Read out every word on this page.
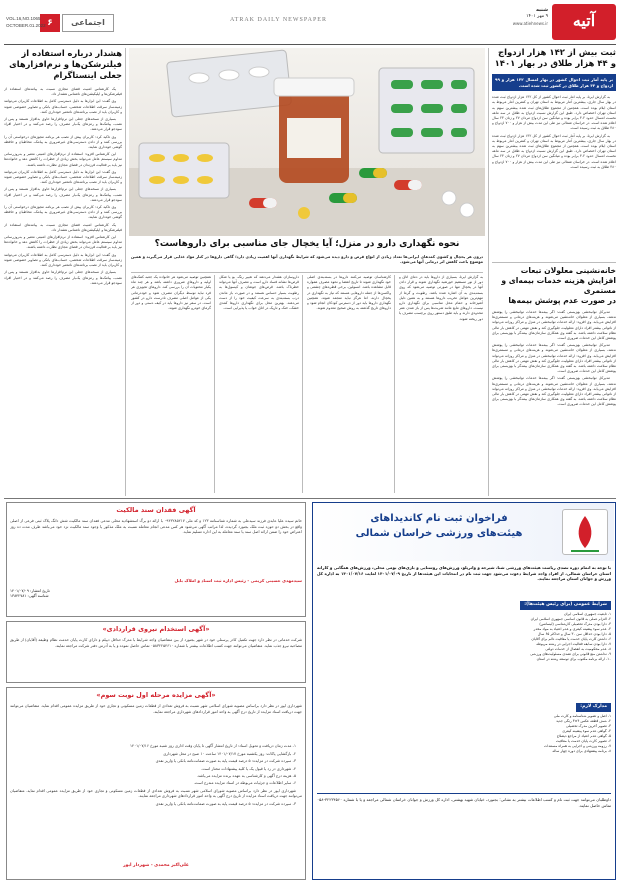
اجتماعی
۶
VOL.16,NO.1065
OCTOBER.01.2022
ATRAK DAILY NEWSPAPER	آتیه
شنبه
۹ مهر ۱۴۰۱
www.atiehnews.ir
هشدار درباره استفاده از
فیلترشکن‌ها و نرم‌افزارهای
جعلی اینستاگرام

یک کارشناس امنیت فضای مجازی نسبت به پیامدهای استفاده از فیلترشکن‌ها و اپلیکیشن‌های ناشناس هشدار داد.

وی گفت: این ابزارها به دلیل دسترسی کامل به اطلاعات کاربران می‌توانند زمینه‌ساز سرقت اطلاعات شخصی، حساب‌های بانکی و تصاویر خصوصی شوند و کاربران باید از نصب برنامه‌های نامعتبر خودداری کنند.

بسیاری از نسخه‌های جعلی این نرم‌افزارها حاوی بدافزار هستند و پس از نصب، پیامک‌ها و رمزهای یک‌بار مصرف را رصد می‌کنند و در اختیار افراد سودجو قرار می‌دهند.

وی تاکید کرد: کاربران پیش از نصب هر برنامه مجوزهای درخواستی آن را بررسی کنند و از دادن دسترسی‌های غیرضروری به پیامک، مخاطبان و حافظه گوشی خودداری نمایند.

این کارشناس افزود: استفاده از نرم‌افزارهای امنیتی معتبر و به‌روزرسانی مداوم سیستم عامل می‌تواند بخش زیادی از خطرات را کاهش دهد و خانواده‌ها نیز باید بر فعالیت فرزندان در فضای مجازی نظارت داشته باشند.

وی گفت: این ابزارها به دلیل دسترسی کامل به اطلاعات کاربران می‌توانند زمینه‌ساز سرقت اطلاعات شخصی، حساب‌های بانکی و تصاویر خصوصی شوند و کاربران باید از نصب برنامه‌های نامعتبر خودداری کنند.

بسیاری از نسخه‌های جعلی این نرم‌افزارها حاوی بدافزار هستند و پس از نصب، پیامک‌ها و رمزهای یک‌بار مصرف را رصد می‌کنند و در اختیار افراد سودجو قرار می‌دهند.

وی تاکید کرد: کاربران پیش از نصب هر برنامه مجوزهای درخواستی آن را بررسی کنند و از دادن دسترسی‌های غیرضروری به پیامک، مخاطبان و حافظه گوشی خودداری نمایند.

یک کارشناس امنیت فضای مجازی نسبت به پیامدهای استفاده از فیلترشکن‌ها و اپلیکیشن‌های ناشناس هشدار داد.

این کارشناس افزود: استفاده از نرم‌افزارهای امنیتی معتبر و به‌روزرسانی مداوم سیستم عامل می‌تواند بخش زیادی از خطرات را کاهش دهد و خانواده‌ها نیز باید بر فعالیت فرزندان در فضای مجازی نظارت داشته باشند.

وی گفت: این ابزارها به دلیل دسترسی کامل به اطلاعات کاربران می‌توانند زمینه‌ساز سرقت اطلاعات شخصی، حساب‌های بانکی و تصاویر خصوصی شوند و کاربران باید از نصب برنامه‌های نامعتبر خودداری کنند.

بسیاری از نسخه‌های جعلی این نرم‌افزارها حاوی بدافزار هستند و پس از نصب، پیامک‌ها و رمزهای یک‌بار مصرف را رصد می‌کنند و در اختیار افراد سودجو قرار می‌دهند.

نحوه نگهداری دارو در منزل؛ آیا یخچال جای مناسبی برای داروهاست؟
درون هر یخچال و کشوی کمدهای ایرانی‌ها تعداد زیادی از انواع قرص و دارو دیده می‌شود که شرایط نگهداری آنها اهمیت زیادی دارد؛ گاهی داروها در کنار مواد غذایی قرار می‌گیرند و همین موضوع باعث کاهش اثر درمانی آنها می‌شود.
به گزارش ایرنا، بسیاری از داروها باید در دمای اتاق و دور از نور مستقیم خورشید نگهداری شوند و قرار دادن آنها در یخچال تنها در صورتی توصیه می‌شود که روی بسته‌بندی به آن اشاره شده باشد. رطوبت و گرما از مهم‌ترین عوامل تخریب داروها هستند و به همین دلیل آشپزخانه و حمام محل مناسبی برای نگهداری دارو نیست. داروهای مایع مانند شربت‌ها پس از باز شدن عمر محدودی دارند و باید طبق دستور روی برچسب مصرف یا دور ریخته شوند.
کارشناسان توصیه می‌کنند داروها در بسته‌بندی اصلی خود نگهداری شوند تا تاریخ انقضا و نحوه مصرف همواره قابل مشاهده باشد. انسولین، برخی قطره‌های چشمی و واکسن‌ها از جمله داروهایی هستند که نیاز به نگهداری در یخچال دارند، اما هرگز نباید منجمد شوند. همچنین نگهداری داروها باید دور از دسترس کودکان انجام شود و داروهای تاریخ گذشته به روش صحیح معدوم شوند.
داروسازان هشدار می‌دهند که تغییر رنگ، بو یا شکل قرص‌ها نشانه فساد دارو است و مصرف آنها می‌تواند خطرناک باشد. قرص‌های جوشان و کپسول‌ها به رطوبت بسیار حساس هستند و در صورت باز ماندن درب بسته‌بندی به سرعت کیفیت خود را از دست می‌دهند. بهترین محل برای نگهداری داروها کمدی خشک، خنک و تاریک در اتاق خواب یا پذیرایی است.
همچنین توصیه می‌شود هر خانواده یک جعبه کمک‌های اولیه و داروهای ضروری داشته باشد و هر چند ماه یکبار محتویات آن را بررسی کند. داروهای تجویزی هر فرد نباید توسط دیگران مصرف شود و خوددرمانی یکی از عوامل اصلی مصرف نادرست دارو در کشور است. در سفر نیز داروها باید در کیف دستی و دور از گرمای خودرو نگهداری شوند.
ثبت بیش از ۱۴۲ هزار ازدواج
و ۴۴ هزار طلاق در بهار ۱۴۰۱
بر پایه آمار ثبت احوال کشور در بهار امسال ۱۴۲ هزار و ۹۹ ازدواج و ۴۴ هزار طلاق در کشور ثبت شده است.

به گزارش ایرنا، بر پایه آمار ثبت احوال کشور از کل ۱۴۲ هزار ازدواج ثبت شده در بهار سال جاری، بیشترین آمار مربوط به استان تهران و کمترین آمار مربوط به استان ایلام بوده است. همچنین از مجموع طلاق‌های ثبت شده بیشترین سهم به استان تهران اختصاص دارد. طبق این گزارش نسبت ازدواج به طلاق در سه ماهه نخست امسال حدود ۳.۲ برابر بوده و میانگین سن ازدواج مردان ۲۷ و زنان ۲۳ سال اعلام شده است. در خراسان شمالی نیز طی این مدت بیش از هزار و ۷۰۰ ازدواج و ۴۸۰ طلاق به ثبت رسیده است.

به گزارش ایرنا، بر پایه آمار ثبت احوال کشور از کل ۱۴۲ هزار ازدواج ثبت شده در بهار سال جاری، بیشترین آمار مربوط به استان تهران و کمترین آمار مربوط به استان ایلام بوده است. همچنین از مجموع طلاق‌های ثبت شده بیشترین سهم به استان تهران اختصاص دارد. طبق این گزارش نسبت ازدواج به طلاق در سه ماهه نخست امسال حدود ۳.۲ برابر بوده و میانگین سن ازدواج مردان ۲۷ و زنان ۲۳ سال اعلام شده است. در خراسان شمالی نیز طی این مدت بیش از هزار و ۷۰۰ ازدواج و ۴۸۰ طلاق به ثبت رسیده است.

خانه‌نشینی معلولان تبعات
افزایش هزینه خدمات بیمه‌ای و مستمری
در صورت عدم پوشش بیمه‌ها

مدیرکل توانبخشی بهزیستی گفت: اگر بیمه‌ها خدمات توانبخشی را پوشش ندهند، بسیاری از معلولان خانه‌نشین می‌شوند و هزینه‌های درمانی و مستمری‌ها افزایش می‌یابد. وی افزود: ارائه خدمات توانبخشی در منزل و مراکز روزانه می‌تواند از ناتوانی بیشتر افراد دارای معلولیت جلوگیری کند و نقش مهمی در کاهش بار مالی نظام سلامت داشته باشد. به گفته وی همکاری سازمان‌های بیمه‌گر با بهزیستی برای پوشش کامل این خدمات ضروری است.

مدیرکل توانبخشی بهزیستی گفت: اگر بیمه‌ها خدمات توانبخشی را پوشش ندهند، بسیاری از معلولان خانه‌نشین می‌شوند و هزینه‌های درمانی و مستمری‌ها افزایش می‌یابد. وی افزود: ارائه خدمات توانبخشی در منزل و مراکز روزانه می‌تواند از ناتوانی بیشتر افراد دارای معلولیت جلوگیری کند و نقش مهمی در کاهش بار مالی نظام سلامت داشته باشد. به گفته وی همکاری سازمان‌های بیمه‌گر با بهزیستی برای پوشش کامل این خدمات ضروری است.

مدیرکل توانبخشی بهزیستی گفت: اگر بیمه‌ها خدمات توانبخشی را پوشش ندهند، بسیاری از معلولان خانه‌نشین می‌شوند و هزینه‌های درمانی و مستمری‌ها افزایش می‌یابد. وی افزود: ارائه خدمات توانبخشی در منزل و مراکز روزانه می‌تواند از ناتوانی بیشتر افراد دارای معلولیت جلوگیری کند و نقش مهمی در کاهش بار مالی نظام سلامت داشته باشد. به گفته وی همکاری سازمان‌های بیمه‌گر با بهزیستی برای پوشش کامل این خدمات ضروری است.

آگهی فقدان سند مالکیت
خانم سیده علیا عابدی فرزند سیدعلی به شماره شناسنامه ۱۲۳ و کد ملی ۰۹۴۳۲۸۵۲۱۷ با ارائه دو برگ استشهادیه محلی مدعی فقدان سند مالکیت شش دانگ پلاک ثبتی فرعی از اصلی واقع در بخش دو حوزه ثبت ملک بجنورد گردیده، لذا مراتب آگهی می‌شود هر کس مدعی انجام معامله نسبت به ملک مذکور یا وجود سند مالکیت نزد خود می‌باشد ظرف مدت ده روز اعتراض خود را ضمن ارائه اصل سند یا سند معامله به این اداره تسلیم نماید.
سیدمهدی حسینی کریمی - رئیس اداره ثبت اسناد و املاک بابل
تاریخ انتشار: ۱۴۰۱/۰۷/۰۹
شناسه آگهی: ۱۳۸۴۲۷۸۱
«آگهی استخدام نیروی قراردادی»
شرکت خدماتی در نظر دارد جهت تکمیل کادر پرسنلی خود در شهر بجنورد از بین متقاضیان واجد شرایط با مدرک حداقل دیپلم و دارای کارت پایان خدمت نظام وظیفه (آقایان) از طریق مصاحبه نیرو جذب نماید. متقاضیان می‌توانند جهت کسب اطلاعات بیشتر با شماره ۰۵۸۳۲۲۵۴۶۱۰ تماس حاصل نموده و یا به آدرس دفتر شرکت مراجعه نمایند.
«آگهی مزایده مرحله اول نوبت سوم»
شهرداری ایور در نظر دارد براساس مصوبه شورای اسلامی شهر نسبت به فروش تعدادی از قطعات زمین مسکونی و تجاری خود از طریق مزایده عمومی اقدام نماید. متقاضیان می‌توانند جهت دریافت اسناد مزایده از تاریخ درج آگهی به واحد امور قراردادهای شهرداری مراجعه نمایند.

۱- مدت زمان دریافت و تحویل اسناد: از تاریخ انتشار آگهی تا پایان وقت اداری روز شنبه مورخ ۱۴۰۱/۰۷/۱۶

۲- بازگشایی پاکات: روز یکشنبه مورخ ۱۴۰۱/۰۷/۱۷ ساعت ۱۰ صبح در محل شهرداری

۳- سپرده شرکت در مزایده: ۵ درصد قیمت پایه به صورت ضمانت‌نامه بانکی یا واریز نقدی

۴- شهرداری در رد یا قبول یک یا کلیه پیشنهادات مختار است.

۵- هزینه درج آگهی و کارشناسی به عهده برنده مزایده می‌باشد.

۶- سایر اطلاعات و جزئیات مربوطه در اسناد مزایده مندرج است.

شهرداری ایور در نظر دارد براساس مصوبه شورای اسلامی شهر نسبت به فروش تعدادی از قطعات زمین مسکونی و تجاری خود از طریق مزایده عمومی اقدام نماید. متقاضیان می‌توانند جهت دریافت اسناد مزایده از تاریخ درج آگهی به واحد امور قراردادهای شهرداری مراجعه نمایند.

۳- سپرده شرکت در مزایده: ۵ درصد قیمت پایه به صورت ضمانت‌نامه بانکی یا واریز نقدی

علی‌اکبر محمدی - شهردار ایور
فراخوان ثبت نام کاندیداهای
هیئت‌های ورزشی خراسان شمالی
با توجه به اتمام دوره تصدی ریاست هیئت‌های ورزشی شنا، شیرجه و واترپلو، ورزش‌های روستایی و بازی‌های بومی محلی، ورزش‌های همگانی و کاراته استان خراسان شمالی، از افراد واجد شرایط دعوت می‌شود جهت ثبت نام در انتخابات این هیئت‌ها از تاریخ ۱۴۰۱/۰۷/۰۹ لغایت ۱۴۰۱/۰۷/۱۶ به اداره کل ورزش و جوانان استان مراجعه نمایند.
شرایط عمومی (برای رئیس هیئت‌ها):
۱- تابعیت جمهوری اسلامی ایران
۲- التزام عملی به قانون اساسی جمهوری اسلامی ایران
۳- دارا بودن مدرک تحصیلی کارشناسی (لیسانس)
۴- عدم سوء پیشینه کیفری و عدم اعتیاد به مواد مخدر
۵- دارا بودن حداقل سن ۳۰ سال و حداکثر ۶۵ سال
۶- داشتن کارت پایان خدمت یا معافیت دائم برای آقایان
۷- دارا بودن سابقه فعالیت اجرایی در رشته مربوطه
۸- عدم محکومیت به انفصال از خدمات دولتی
۹- نداشتن منع قانونی برای تصدی مسئولیت‌های ورزشی
۱۰- ارائه برنامه مکتوب برای توسعه رشته در استان
مدارک لازم:
۱- اصل و تصویر شناسنامه و کارت ملی
۲- شش قطعه عکس ۴×۳ رنگی جدید
۳- تصویر آخرین مدرک تحصیلی
۴- گواهی عدم سوء پیشینه کیفری
۵- گواهی عدم اعتیاد از مراجع ذیصلاح
۶- تصویر کارت پایان خدمت یا معافیت
۷- رزومه ورزشی و اجرایی به همراه مستندات
۸- برنامه پیشنهادی برای دوره چهار ساله
داوطلبان می‌توانند جهت ثبت نام و کسب اطلاعات بیشتر به نشانی: بجنورد، خیابان شهید بهشتی، اداره کل ورزش و جوانان خراسان شمالی مراجعه و یا با شماره ۳۲۲۳۴۵۶۰-۰۵۸ تماس حاصل نمایند.
